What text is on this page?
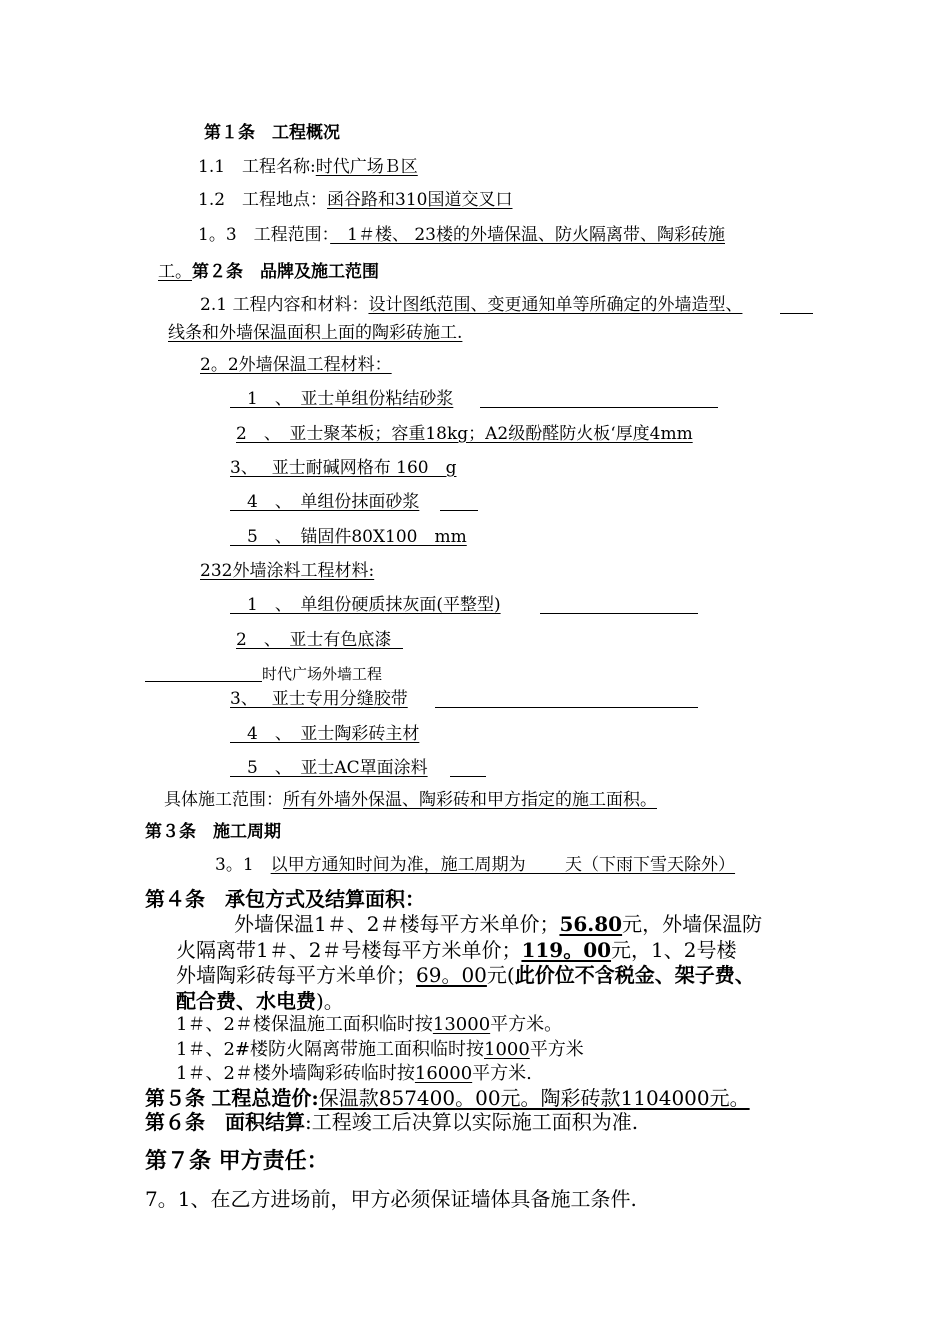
第１条　工程概况
1.1　工程名称:时代广场Ｂ区
1.2　工程地点：函谷路和310国道交叉口
1。3　工程范围：　1＃楼、 23楼的外墙保温、防火隔离带、陶彩砖施
工。第２条　品牌及施工范围
2.1 工程内容和材料：设计图纸范围、变更通知单等所确定的外墙造型、
线条和外墙保温面积上面的陶彩砖施工.
2。2外墙保温工程材料：
　1　、　亚士单组份粘结砂浆
2　、　亚士聚苯板；容重18kg；A2级酚醛防火板‘厚度4mm
3、　 亚士耐碱网格布 160　g
　4　、　单组份抹面砂浆
　5　、　锚固件80X100　mm
232外墙涂料工程材料:
　1　、　单组份硬质抹灰面(平整型)
2　、　亚士有色底漆
时代广场外墙工程
3、　 亚士专用分缝胶带
　4　、　亚士陶彩砖主材
　5　、　亚士AC罩面涂料
具体施工范围：所有外墙外保温、陶彩砖和甲方指定的施工面积。
第３条　施工周期
3。1　以甲方通知时间为准，施工周期为　　 天（下雨下雪天除外）
第４条　承包方式及结算面积：
外墙保温1＃、2＃楼每平方米单价；56.80元，外墙保温防
火隔离带1＃、2＃号楼每平方米单价；119。00元，1、2号楼
外墙陶彩砖每平方米单价；69。00元(此价位不含税金、架子费、
配合费、水电费)。
1＃、2＃楼保温施工面积临时按13000平方米。
1＃、2#楼防火隔离带施工面积临时按1000平方米
1＃、2＃楼外墙陶彩砖临时按16000平方米.
第５条 工程总造价:保温款857400。00元。陶彩砖款1104000元。
第６条　 面积结算:工程竣工后决算以实际施工面积为准.
第７条 甲方责任：
7。1、在乙方进场前，甲方必须保证墙体具备施工条件.
